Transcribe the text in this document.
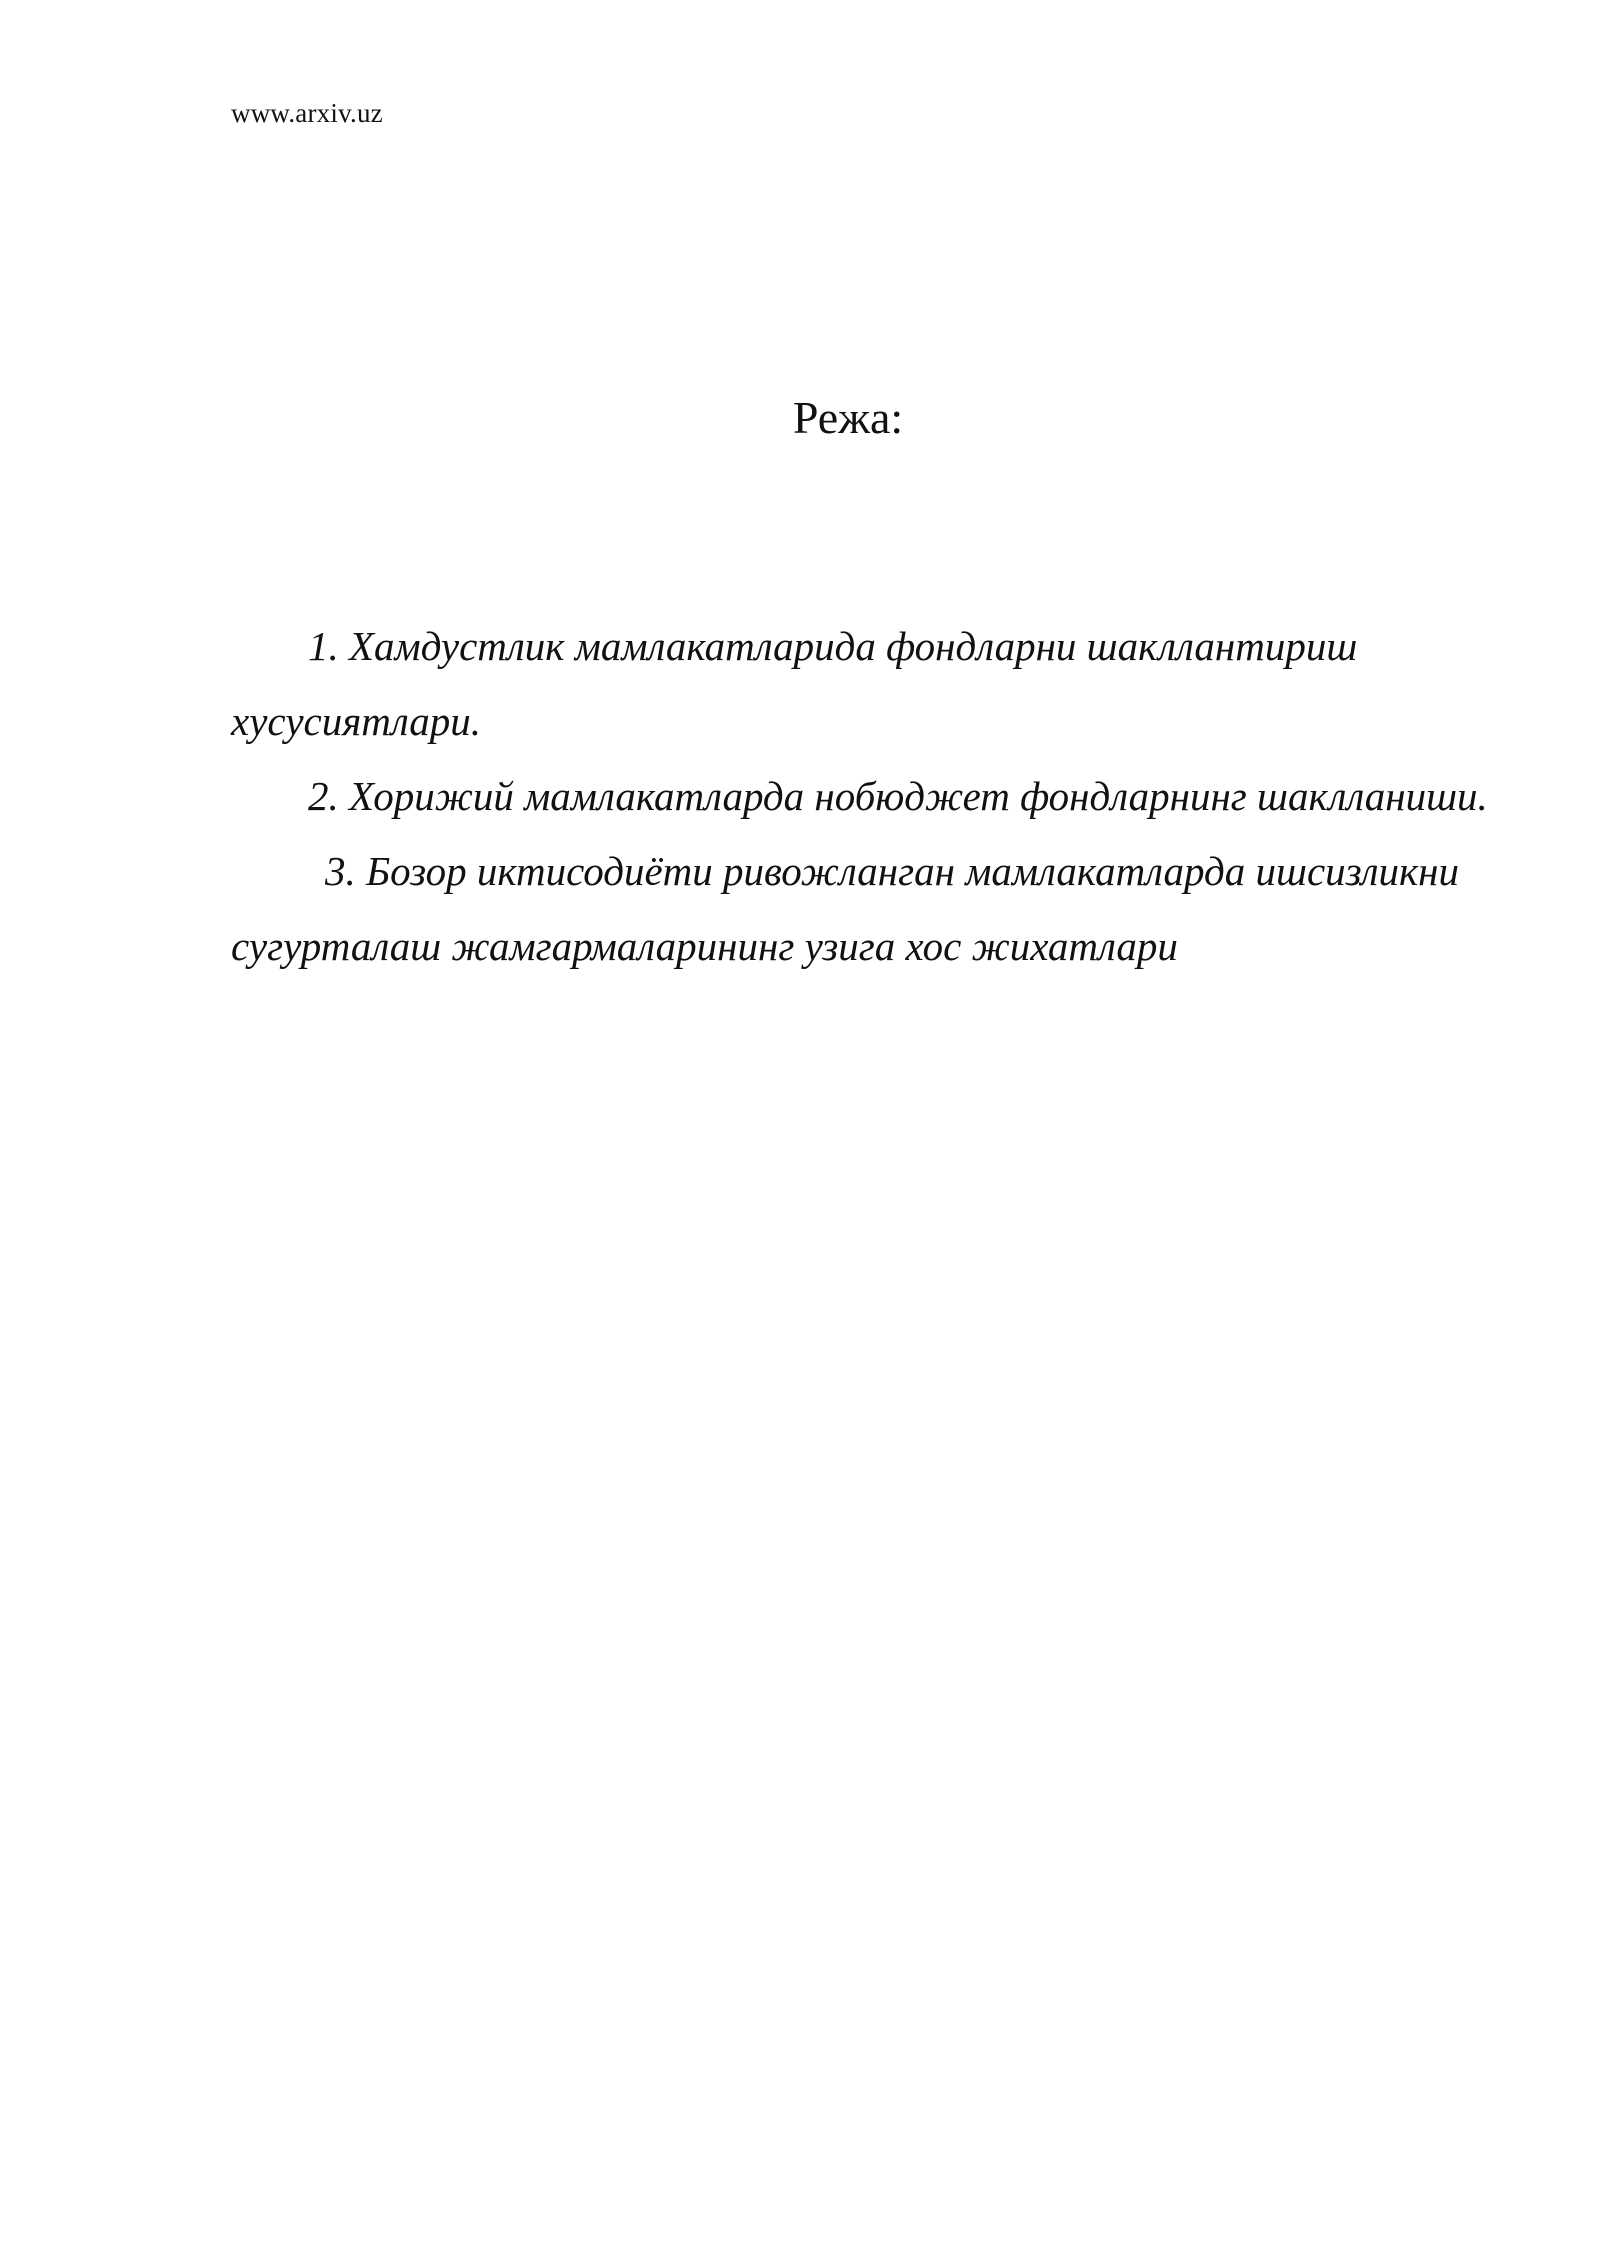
www.arxiv.uz
Режа:
1. Хамдустлик мамлакатларида фондларни шакллантириш хусусиятлари.
2. Хорижий мамлакатларда нобюджет фондларнинг шаклланиши.
3. Бозор иктисодиёти ривожланган мамлакатларда ишсизликни сугурталаш жамгармаларининг узига хос жихатлари
